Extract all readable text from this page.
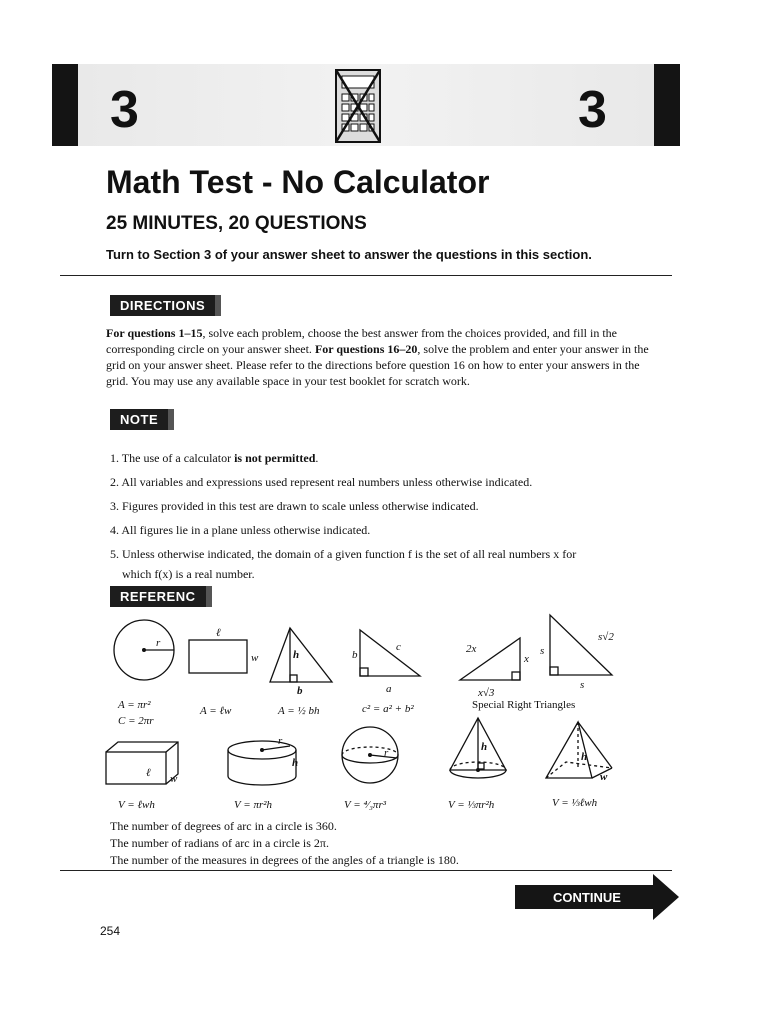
3	3
Math Test - No Calculator
25 MINUTES, 20 QUESTIONS
Turn to Section 3 of your answer sheet to answer the questions in this section.
DIRECTIONS
For questions 1–15, solve each problem, choose the best answer from the choices provided, and fill in the corresponding circle on your answer sheet. For questions 16–20, solve the problem and enter your answer in the grid on your answer sheet. Please refer to the directions before question 16 on how to enter your answers in the grid. You may use any available space in your test booklet for scratch work.
NOTE
1. The use of a calculator is not permitted.
2. All variables and expressions used represent real numbers unless otherwise indicated.
3. Figures provided in this test are drawn to scale unless otherwise indicated.
4. All figures lie in a plane unless otherwise indicated.
5. Unless otherwise indicated, the domain of a given function f is the set of all real numbers x for
which f(x) is a real number.
REFERENC
r
ℓ
w	h
b
b
c
a
2x
x
x√3
s
s√2
s
w
ℓ
h
r
r	h
h
w
A = πr²
C = 2πr
A = ℓw	A = ½ bh	c² = a² + b²
V = ℓwh	V = πr²h	V = ⁴⁄₃πr³	V = ⅓πr²h	V = ⅓ℓwh
Special Right Triangles
The number of degrees of arc in a circle is 360.
The number of radians of arc in a circle is 2π.
The number of the measures in degrees of the angles of a triangle is 180.
CONTINUE
254
